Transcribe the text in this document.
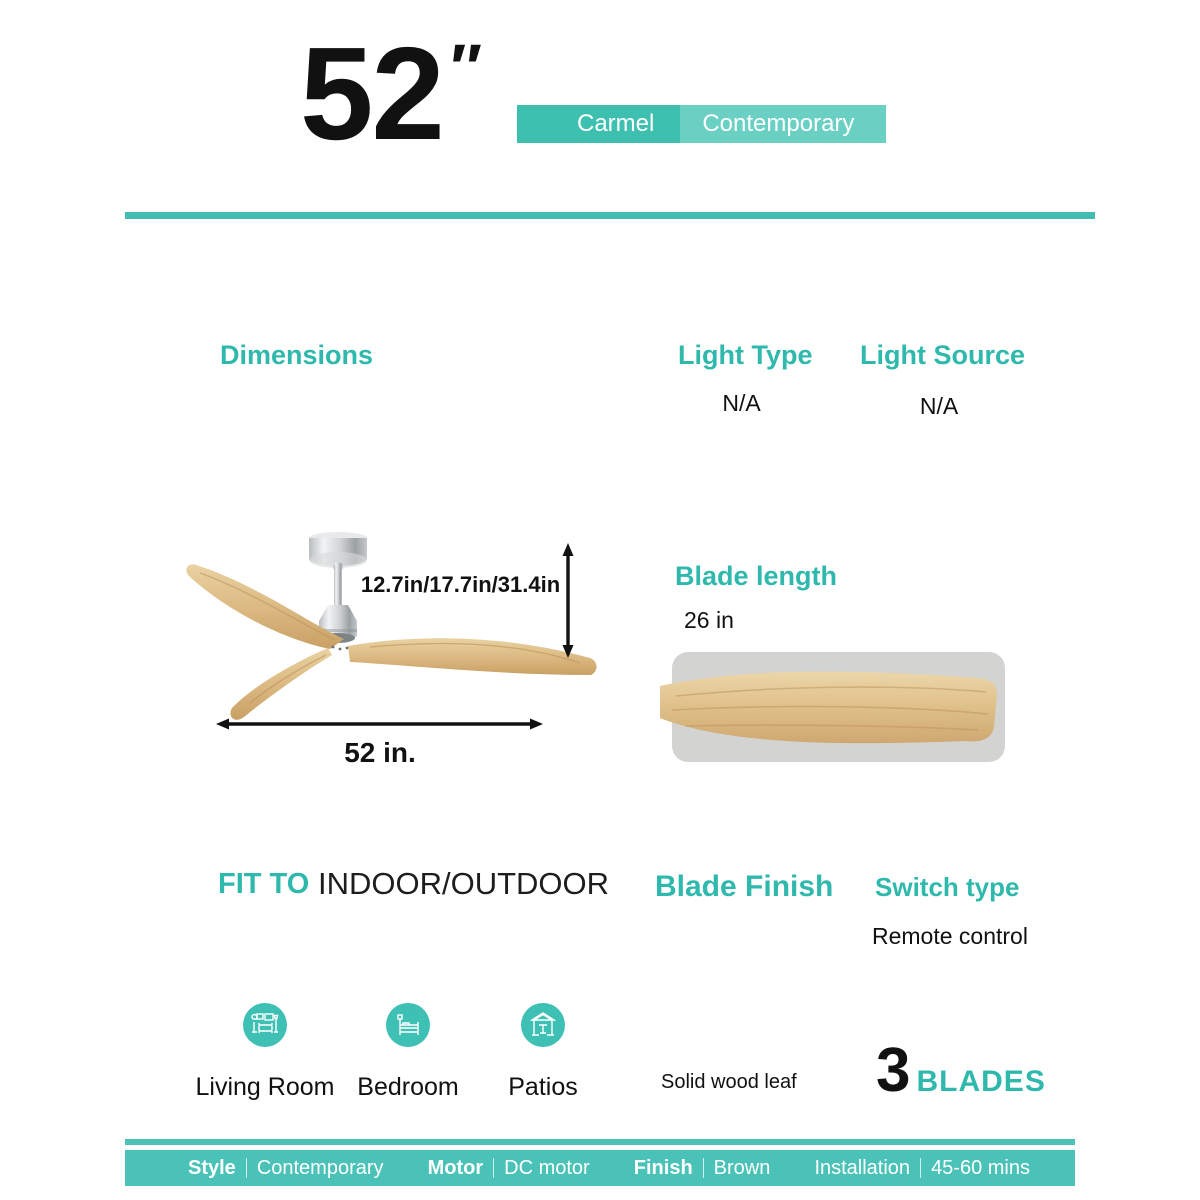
52″
Carmel	Contemporary
Dimensions	Light Type
N/A
Light Source
N/A
12.7in/17.7in/31.4in
52 in.
Blade length
26 in
FIT TO INDOOR/OUTDOOR
Living Room Bedroom	Patios
Blade Finish
Solid wood leaf
Switch type
Remote control
3 BLADES
Style Contemporary Motor DC motor Finish Brown Installation 45-60 mins
